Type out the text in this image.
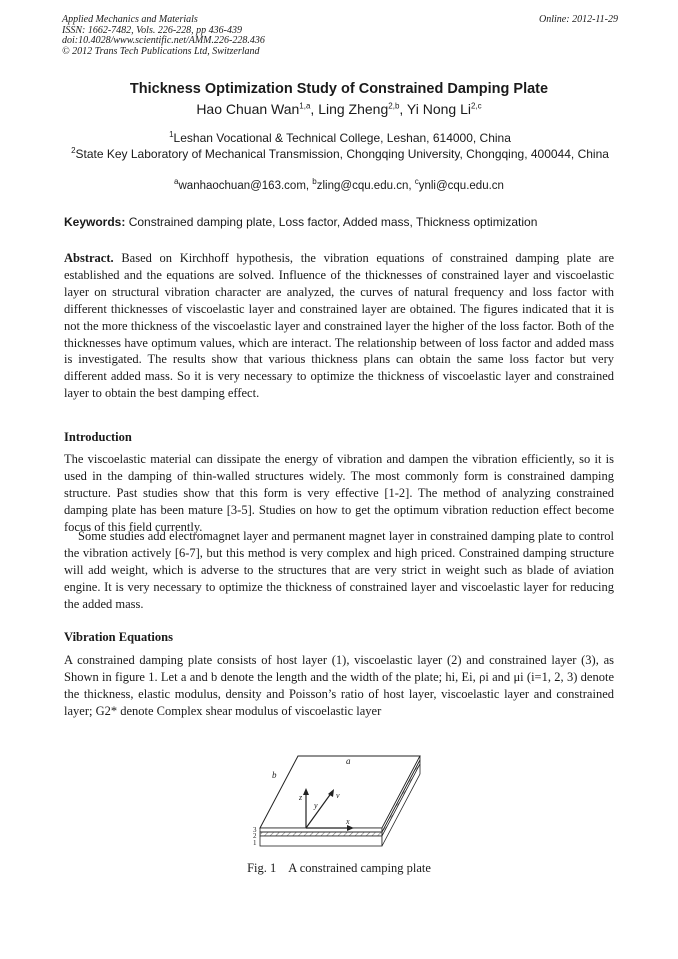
Applied Mechanics and Materials
ISSN: 1662-7482, Vols. 226-228, pp 436-439
doi:10.4028/www.scientific.net/AMM.226-228.436
© 2012 Trans Tech Publications Ltd, Switzerland
Online: 2012-11-29
Thickness Optimization Study of Constrained Damping Plate
Hao Chuan Wan$^{1,a}$, Ling Zheng$^{2,b}$, Yi Nong Li$^{2,c}$
$^1$Leshan Vocational & Technical College, Leshan, 614000, China
$^2$State Key Laboratory of Mechanical Transmission, Chongqing University, Chongqing, 400044, China
$^a$wanhaochuan@163.com, $^b$zling@cqu.edu.cn, $^c$ynli@cqu.edu.cn
Keywords: Constrained damping plate, Loss factor, Added mass, Thickness optimization

Abstract. Based on Kirchhoff hypothesis, the vibration equations of constrained damping plate are established and the equations are solved. Influence of the thicknesses of constrained layer and viscoelastic layer on structural vibration character are analyzed, the curves of natural frequency and loss factor with different thicknesses of viscoelastic layer and constrained layer are obtained. The figures indicated that it is not the more thickness of the viscoelastic layer and constrained layer the higher of the loss factor. Both of the thicknesses have optimum values, which are interact. The relationship between of loss factor and added mass is investigated. The results show that various thickness plans can obtain the same loss factor but very different added mass. So it is very necessary to optimize the thickness of viscoelastic layer and constrained layer to obtain the best damping effect.

Introduction

The viscoelastic material can dissipate the energy of vibration and dampen the vibration efficiently, so it is used in the damping of thin-walled structures widely. The most commonly form is constrained damping structure. Past studies show that this form is very effective [1-2]. The method of analyzing constrained damping plate has been mature [3-5]. Studies on how to get the optimum vibration reduction effect become focus of this field currently.

Some studies add electromagnet layer and permanent magnet layer in constrained damping plate to control the vibration actively [6-7], but this method is very complex and high priced. Constrained damping structure will add weight, which is adverse to the structures that are very strict in weight such as blade of aviation engine. It is very necessary to optimize the thickness of constrained layer and viscoelastic layer for reducing the added mass.

Vibration Equations

A constrained damping plate consists of host layer (1), viscoelastic layer (2) and constrained layer (3), as Shown in figure 1. Let a and b denote the length and the width of the plate; hi, Ei, ρi and μi (i=1, 2, 3) denote the thickness, elastic modulus, density and Poisson’s ratio of host layer, viscoelastic layer and constrained layer; G2* denote Complex shear modulus of viscoelastic layer

a
b
z
y
v
x
3
2
1
Fig. 1 A constrained camping plate
